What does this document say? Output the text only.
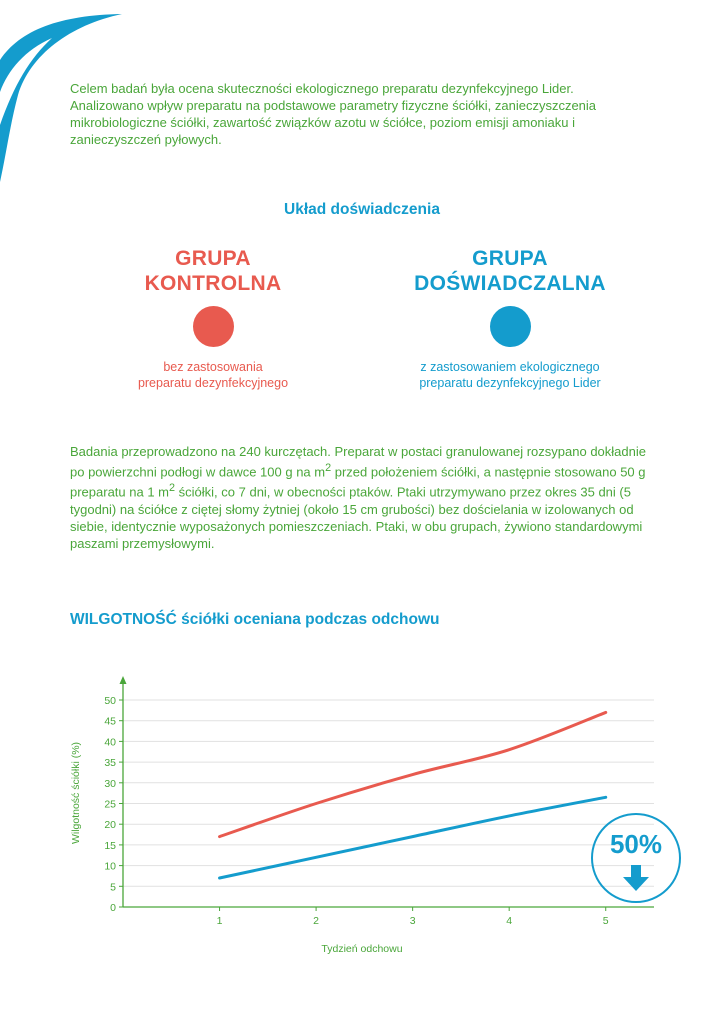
Celem badań była ocena skuteczności ekologicznego preparatu dezynfekcyjnego Lider. Analizowano wpływ preparatu na podstawowe parametry fizyczne ściółki, zanieczyszczenia mikrobiologiczne ściółki, zawartość związków azotu w ściółce, poziom emisji amoniaku i zanieczyszczeń pyłowych.

Układ doświadczenia
GRUPA
KONTROLNA
bez zastosowania
preparatu dezynfekcyjnego
GRUPA
DOŚWIADCZALNA
z zastosowaniem ekologicznego
preparatu dezynfekcyjnego Lider

Badania przeprowadzono na 240 kurczętach. Preparat w postaci granulowanej rozsypano dokładnie po powierzchni podłogi w dawce 100 g na $m^2$ przed położeniem ściółki, a następnie stosowano 50 g preparatu na 1 $m^2$ ściółki, co 7 dni, w obecności ptaków. Ptaki utrzymywano przez okres 35 dni (5 tygodni) na ściółce z ciętej słomy żytniej (około 15 cm grubości) bez dościelania w izolowanych od siebie, identycznie wyposażonych pomieszczeniach. Ptaki, w obu grupach, żywiono standardowymi paszami przemysłowymi.

WILGOTNOŚĆ ściółki oceniana podczas odchowu
0
5
10
15
20
25
30
35
40
45
50
1	2	3	4	5
Wilgotność ściółki (%)
Tydzień odchowu
50%
